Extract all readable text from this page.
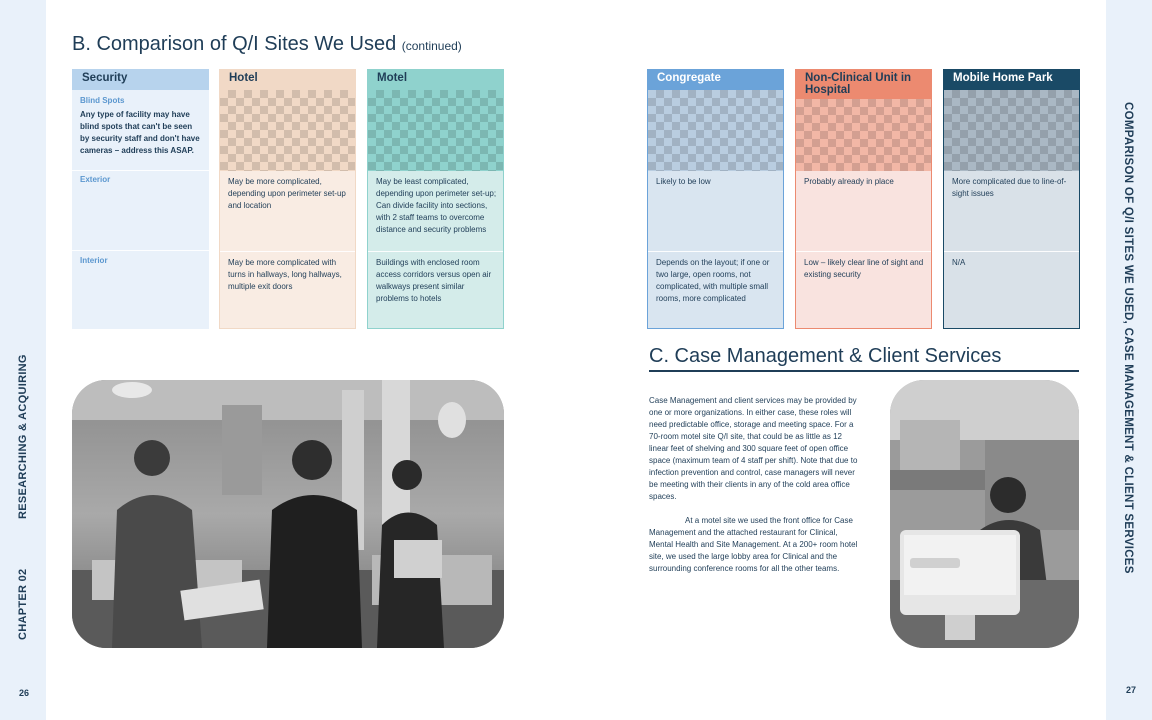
CHAPTER 02
RESEARCHING & ACQUIRING
26
COMPARISON OF Q/I SITES WE USED, CASE MANAGEMENT & CLIENT SERVICES
27
B. Comparison of Q/I Sites We Used (continued)
Security
Blind Spots
Any type of facility may have blind spots that can't be seen by security staff and don't have cameras – address this ASAP.
Exterior
Interior
Hotel
May be more complicated, depending upon perimeter set-up and location
May be more complicated with turns in hallways, long hallways, multiple exit doors
Motel
May be least complicated, depending upon perimeter set-up; Can divide facility into sections, with 2 staff teams to overcome distance and security problems
Buildings with enclosed room access corridors versus open air walkways present similar problems to hotels
Congregate
Likely to be low
Depends on the layout; if one or two large, open rooms, not complicated, with multiple small rooms, more complicated
Non-Clinical Unit in Hospital
Probably already in place
Low – likely clear line of sight and existing security
Mobile Home Park
More complicated due to line-of-sight issues
N/A
C. Case Management & Client Services

Case Management and client services may be provided by one or more organizations. In either case, these roles will need predictable office, storage and meeting space. For a 70-room motel site Q/I site, that could be as little as 12 linear feet of shelving and 300 square feet of open office space (maximum team of 4 staff per shift). Note that due to infection prevention and control, case managers will never be meeting with their clients in any of the cold area office spaces.

At a motel site we used the front office for Case Management and the attached restaurant for Clinical, Mental Health and Site Management. At a 200+ room hotel site, we used the large lobby area for Clinical and the surrounding conference rooms for all the other teams.
